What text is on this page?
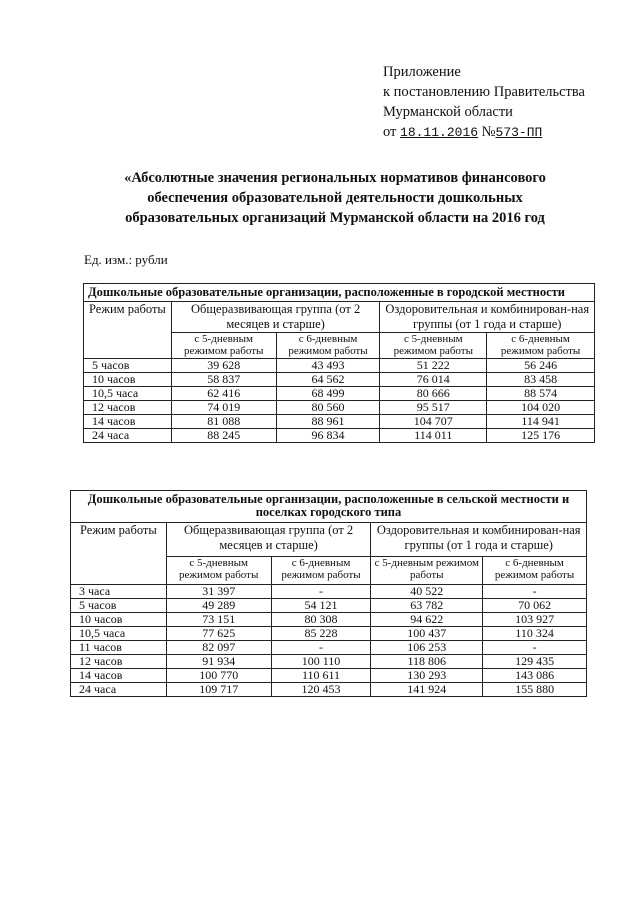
Приложение
к постановлению Правительства
Мурманской области
от 18.11.2016 №573-ПП
«Абсолютные значения региональных нормативов финансового
обеспечения образовательной деятельности дошкольных
образовательных организаций Мурманской области на 2016 год
Ед. изм.: рубли
Дошкольные образовательные организации, расположенные в городской местности				
Режим работы	Общеразвивающая группа (от 2 месяцев и старше)		Оздоровительная и комбинирован-ная группы (от 1 года и старше)	
	с 5-дневным режимом работы	с 6-дневным режимом работы	с 5-дневным режимом работы	с 6-дневным режимом работы
5 часов	39 628	43 493	51 222	56 246
10 часов	58 837	64 562	76 014	83 458
10,5 часа	62 416	68 499	80 666	88 574
12 часов	74 019	80 560	95 517	104 020
14 часов	81 088	88 961	104 707	114 941
24 часа	88 245	96 834	114 011	125 176
Дошкольные образовательные организации, расположенные в сельской местности и поселках городского типа				
Режим работы	Общеразвивающая группа (от 2 месяцев и старше)		Оздоровительная и комбинирован-ная группы (от 1 года и старше)	
	с 5-дневным режимом работы	с 6-дневным режимом работы	с 5-дневным режимом работы	с 6-дневным режимом работы
3 часа	31 397	-	40 522	-
5 часов	49 289	54 121	63 782	70 062
10 часов	73 151	80 308	94 622	103 927
10,5 часа	77 625	85 228	100 437	110 324
11 часов	82 097	-	106 253	-
12 часов	91 934	100 110	118 806	129 435
14 часов	100 770	110 611	130 293	143 086
24 часа	109 717	120 453	141 924	155 880
